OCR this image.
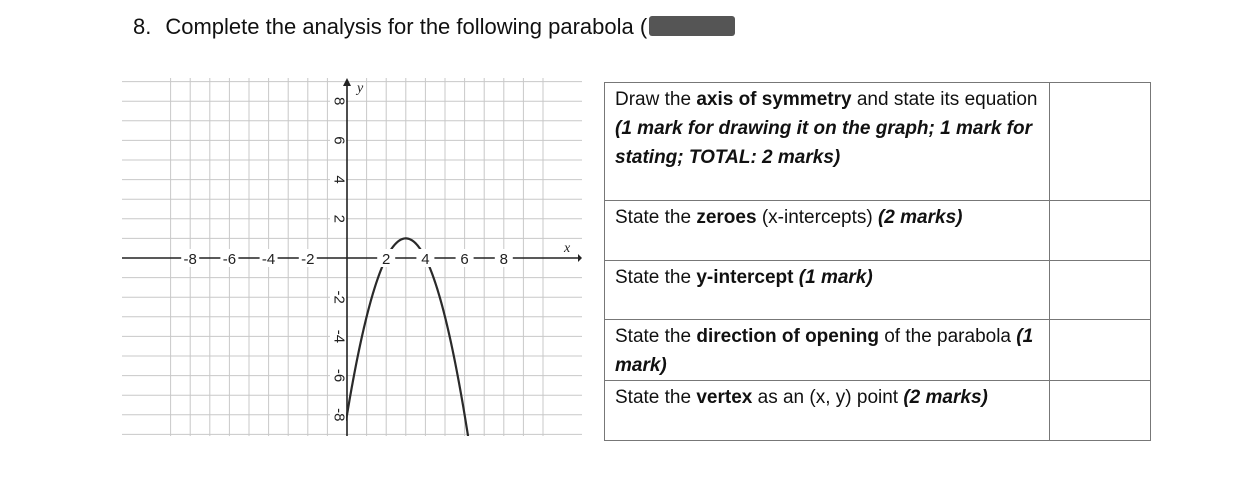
8. Complete the analysis for the following parabola (
x
y
-8 -6 -4 -2	2 4 6 8
8
6
4
2
-2
-4
-6
-8
Draw the axis of symmetry and state its equation (1 mark for drawing it on the graph; 1 mark for stating; TOTAL: 2 marks)	
State the zeroes (x-intercepts) (2 marks)	
State the y-intercept (1 mark)	
State the direction of opening of the parabola (1 mark)	
State the vertex as an (x, y) point (2 marks)	
